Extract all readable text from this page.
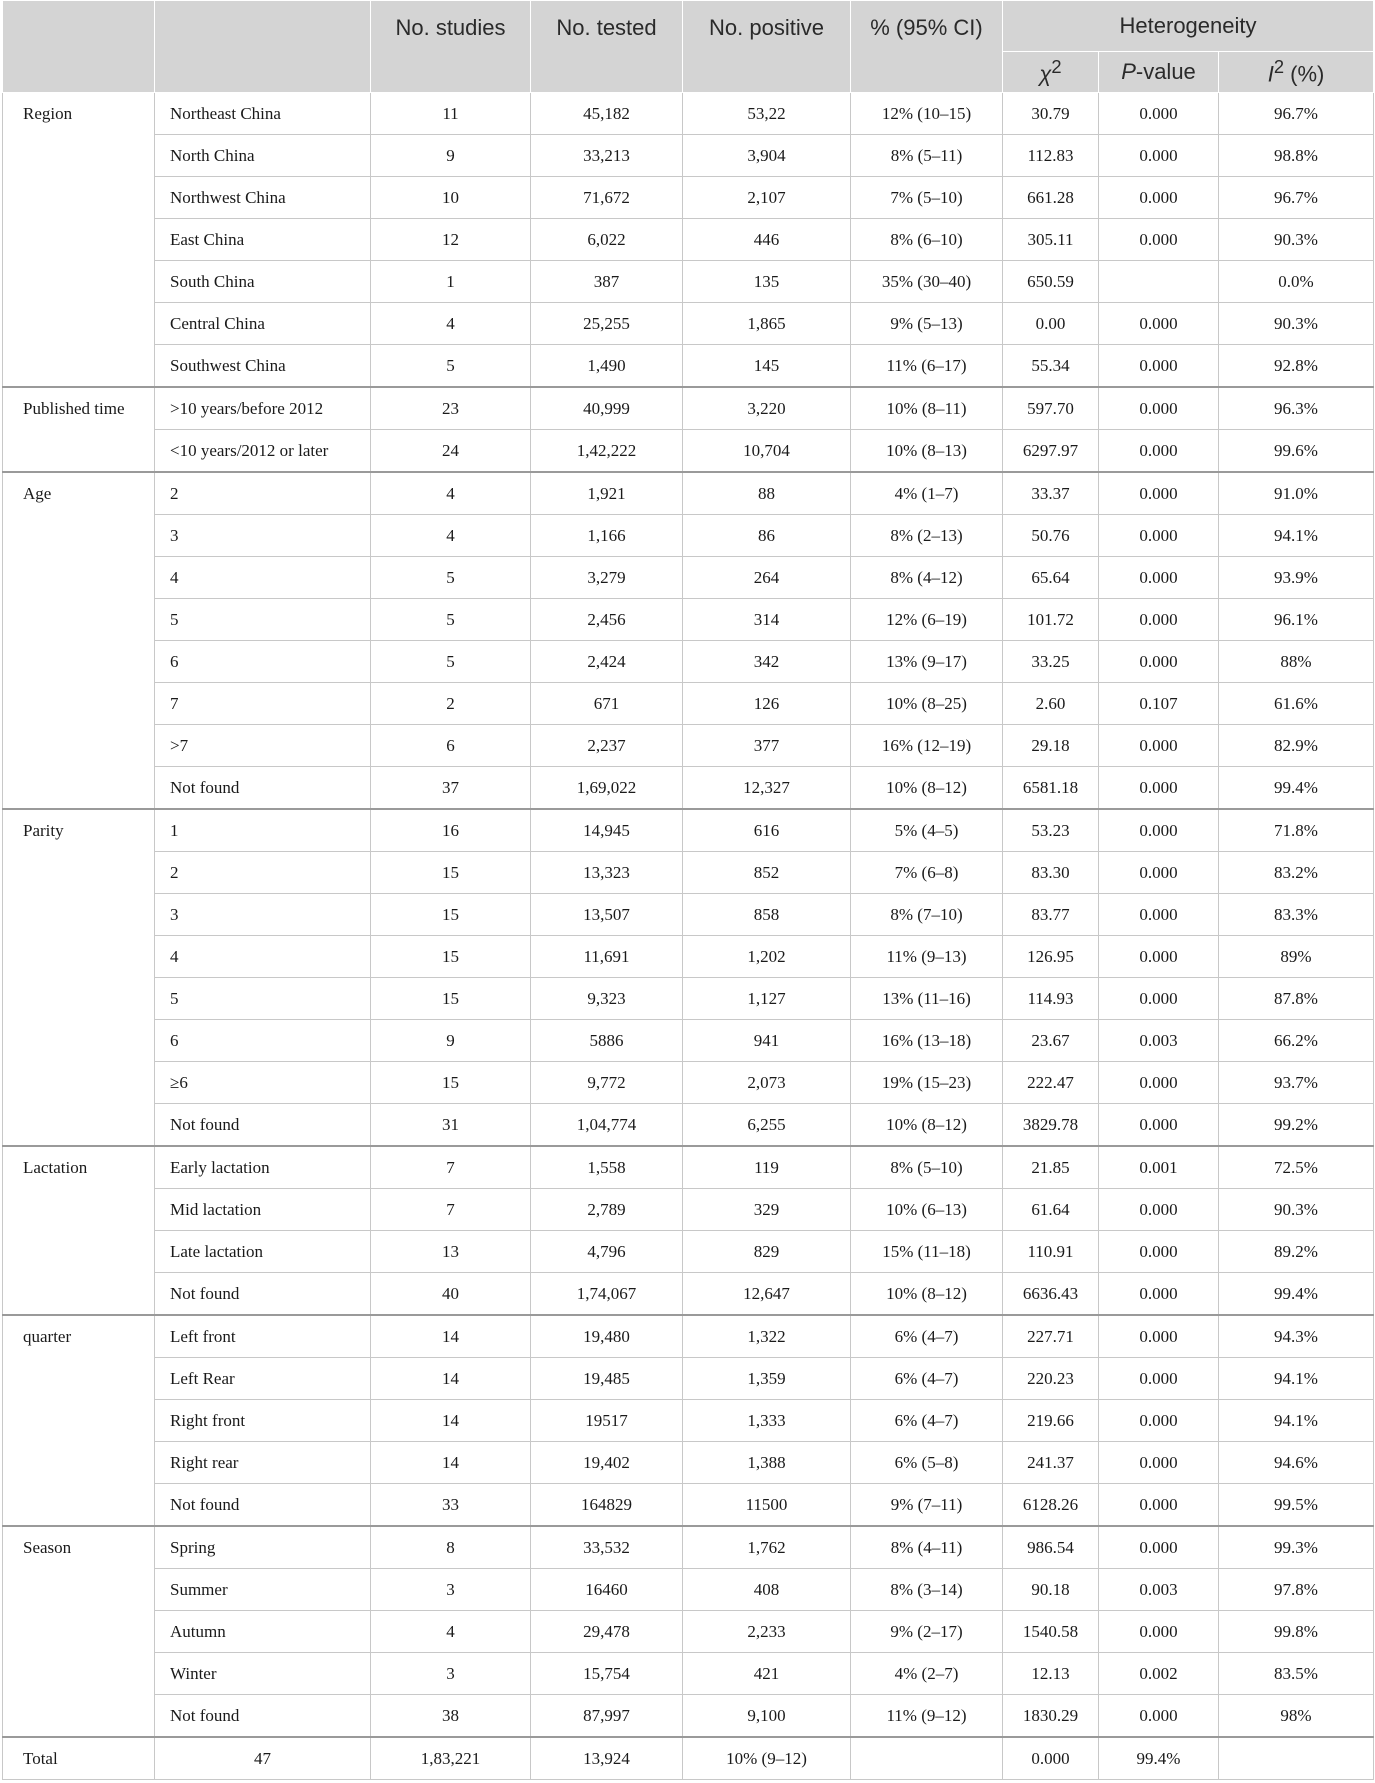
		No. studies	No. tested	No. positive	% (95% CI)	Heterogeneity		
						$\chi^2$	P-value	$I^2$ (%)
Region	Northeast China	11	45,182	53,22	12% (10–15)	30.79	0.000	96.7%
	North China	9	33,213	3,904	8% (5–11)	112.83	0.000	98.8%
	Northwest China	10	71,672	2,107	7% (5–10)	661.28	0.000	96.7%
	East China	12	6,022	446	8% (6–10)	305.11	0.000	90.3%
	South China	1	387	135	35% (30–40)	650.59		0.0%
	Central China	4	25,255	1,865	9% (5–13)	0.00	0.000	90.3%
	Southwest China	5	1,490	145	11% (6–17)	55.34	0.000	92.8%
Published time	>10 years/before 2012	23	40,999	3,220	10% (8–11)	597.70	0.000	96.3%
	<10 years/2012 or later	24	1,42,222	10,704	10% (8–13)	6297.97	0.000	99.6%
Age	2	4	1,921	88	4% (1–7)	33.37	0.000	91.0%
	3	4	1,166	86	8% (2–13)	50.76	0.000	94.1%
	4	5	3,279	264	8% (4–12)	65.64	0.000	93.9%
	5	5	2,456	314	12% (6–19)	101.72	0.000	96.1%
	6	5	2,424	342	13% (9–17)	33.25	0.000	88%
	7	2	671	126	10% (8–25)	2.60	0.107	61.6%
	>7	6	2,237	377	16% (12–19)	29.18	0.000	82.9%
	Not found	37	1,69,022	12,327	10% (8–12)	6581.18	0.000	99.4%
Parity	1	16	14,945	616	5% (4–5)	53.23	0.000	71.8%
	2	15	13,323	852	7% (6–8)	83.30	0.000	83.2%
	3	15	13,507	858	8% (7–10)	83.77	0.000	83.3%
	4	15	11,691	1,202	11% (9–13)	126.95	0.000	89%
	5	15	9,323	1,127	13% (11–16)	114.93	0.000	87.8%
	6	9	5886	941	16% (13–18)	23.67	0.003	66.2%
	≥6	15	9,772	2,073	19% (15–23)	222.47	0.000	93.7%
	Not found	31	1,04,774	6,255	10% (8–12)	3829.78	0.000	99.2%
Lactation	Early lactation	7	1,558	119	8% (5–10)	21.85	0.001	72.5%
	Mid lactation	7	2,789	329	10% (6–13)	61.64	0.000	90.3%
	Late lactation	13	4,796	829	15% (11–18)	110.91	0.000	89.2%
	Not found	40	1,74,067	12,647	10% (8–12)	6636.43	0.000	99.4%
quarter	Left front	14	19,480	1,322	6% (4–7)	227.71	0.000	94.3%
	Left Rear	14	19,485	1,359	6% (4–7)	220.23	0.000	94.1%
	Right front	14	19517	1,333	6% (4–7)	219.66	0.000	94.1%
	Right rear	14	19,402	1,388	6% (5–8)	241.37	0.000	94.6%
	Not found	33	164829	11500	9% (7–11)	6128.26	0.000	99.5%
Season	Spring	8	33,532	1,762	8% (4–11)	986.54	0.000	99.3%
	Summer	3	16460	408	8% (3–14)	90.18	0.003	97.8%
	Autumn	4	29,478	2,233	9% (2–17)	1540.58	0.000	99.8%
	Winter	3	15,754	421	4% (2–7)	12.13	0.002	83.5%
	Not found	38	87,997	9,100	11% (9–12)	1830.29	0.000	98%
Total	47	1,83,221	13,924	10% (9–12)		0.000	99.4%	
